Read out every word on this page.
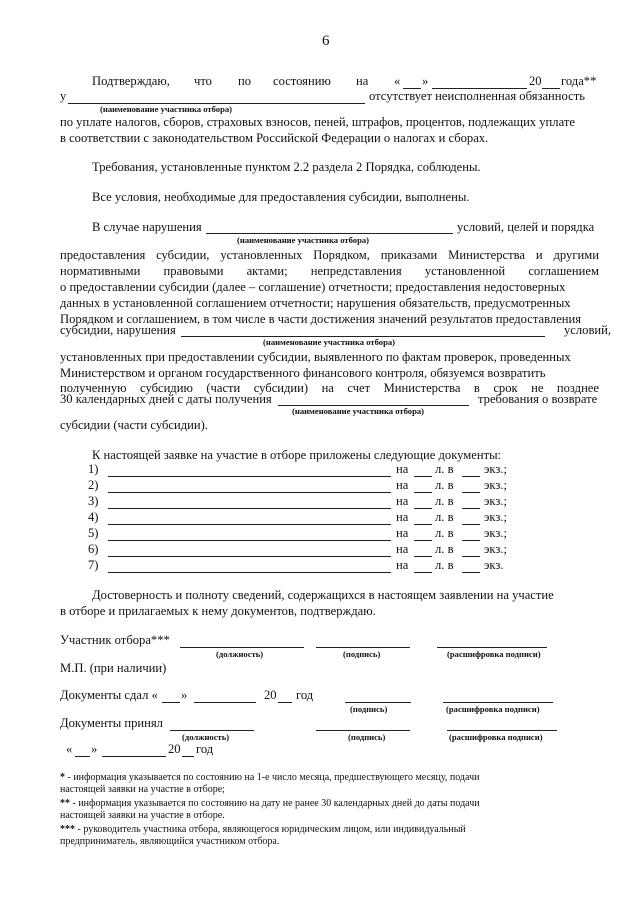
6
Подтверждаю, что по состоянию на « »	20 года**
у	отсутствует неисполненная обязанность
(наименование участника отбора)
по уплате налогов, сборов, страховых взносов, пеней, штрафов, процентов, подлежащих уплате
в соответствии с законодательством Российской Федерации о налогах и сборах.
Требования, установленные пунктом 2.2 раздела 2 Порядка, соблюдены.
Все условия, необходимые для предоставления субсидии, выполнены.
В случае нарушения	условий, целей и порядка
(наименование участника отбора)
предоставления субсидии, установленных Порядком, приказами Министерства и другими
нормативными правовыми актами; непредставления установленной соглашением
о предоставлении субсидии (далее – соглашение) отчетности; предоставления недостоверных
данных в установленной соглашением отчетности; нарушения обязательств, предусмотренных
Порядком и соглашением, в том числе в части достижения значений результатов предоставления
субсидии, нарушения	условий,
(наименование участника отбора)
установленных при предоставлении субсидии, выявленного по фактам проверок, проведенных
Министерством и органом государственного финансового контроля, обязуемся возвратить
полученную субсидию (части субсидии) на счет Министерства в срок не позднее
30 календарных дней с даты получения	требования о возврате
(наименование участника отбора)
субсидии (части субсидии).
К настоящей заявке на участие в отборе приложены следующие документы:
1)	на л. в экз.;
2)	на л. в экз.;
3)	на л. в экз.;
4)	на л. в экз.;
5)	на л. в экз.;
6)	на л. в экз.;
7)	на л. в экз.
Достоверность и полноту сведений, содержащихся в настоящем заявлении на участие
в отборе и прилагаемых к нему документов, подтверждаю.
Участник отбора***
(должность)	(подпись)	(расшифровка подписи)
М.П. (при наличии)
Документы сдал « »	20 год
(подпись)	(расшифровка подписи)
Документы принял
(должность)	(подпись)	(расшифровка подписи)
« »	20 год
* - информация указывается по состоянию на 1-е число месяца, предшествующего месяцу, подачи
настоящей заявки на участие в отборе;
** - информация указывается по состоянию на дату не ранее 30 календарных дней до даты подачи
настоящей заявки на участие в отборе.
*** - руководитель участника отбора, являющегося юридическим лицом, или индивидуальный
предприниматель, являющийся участником отбора.
